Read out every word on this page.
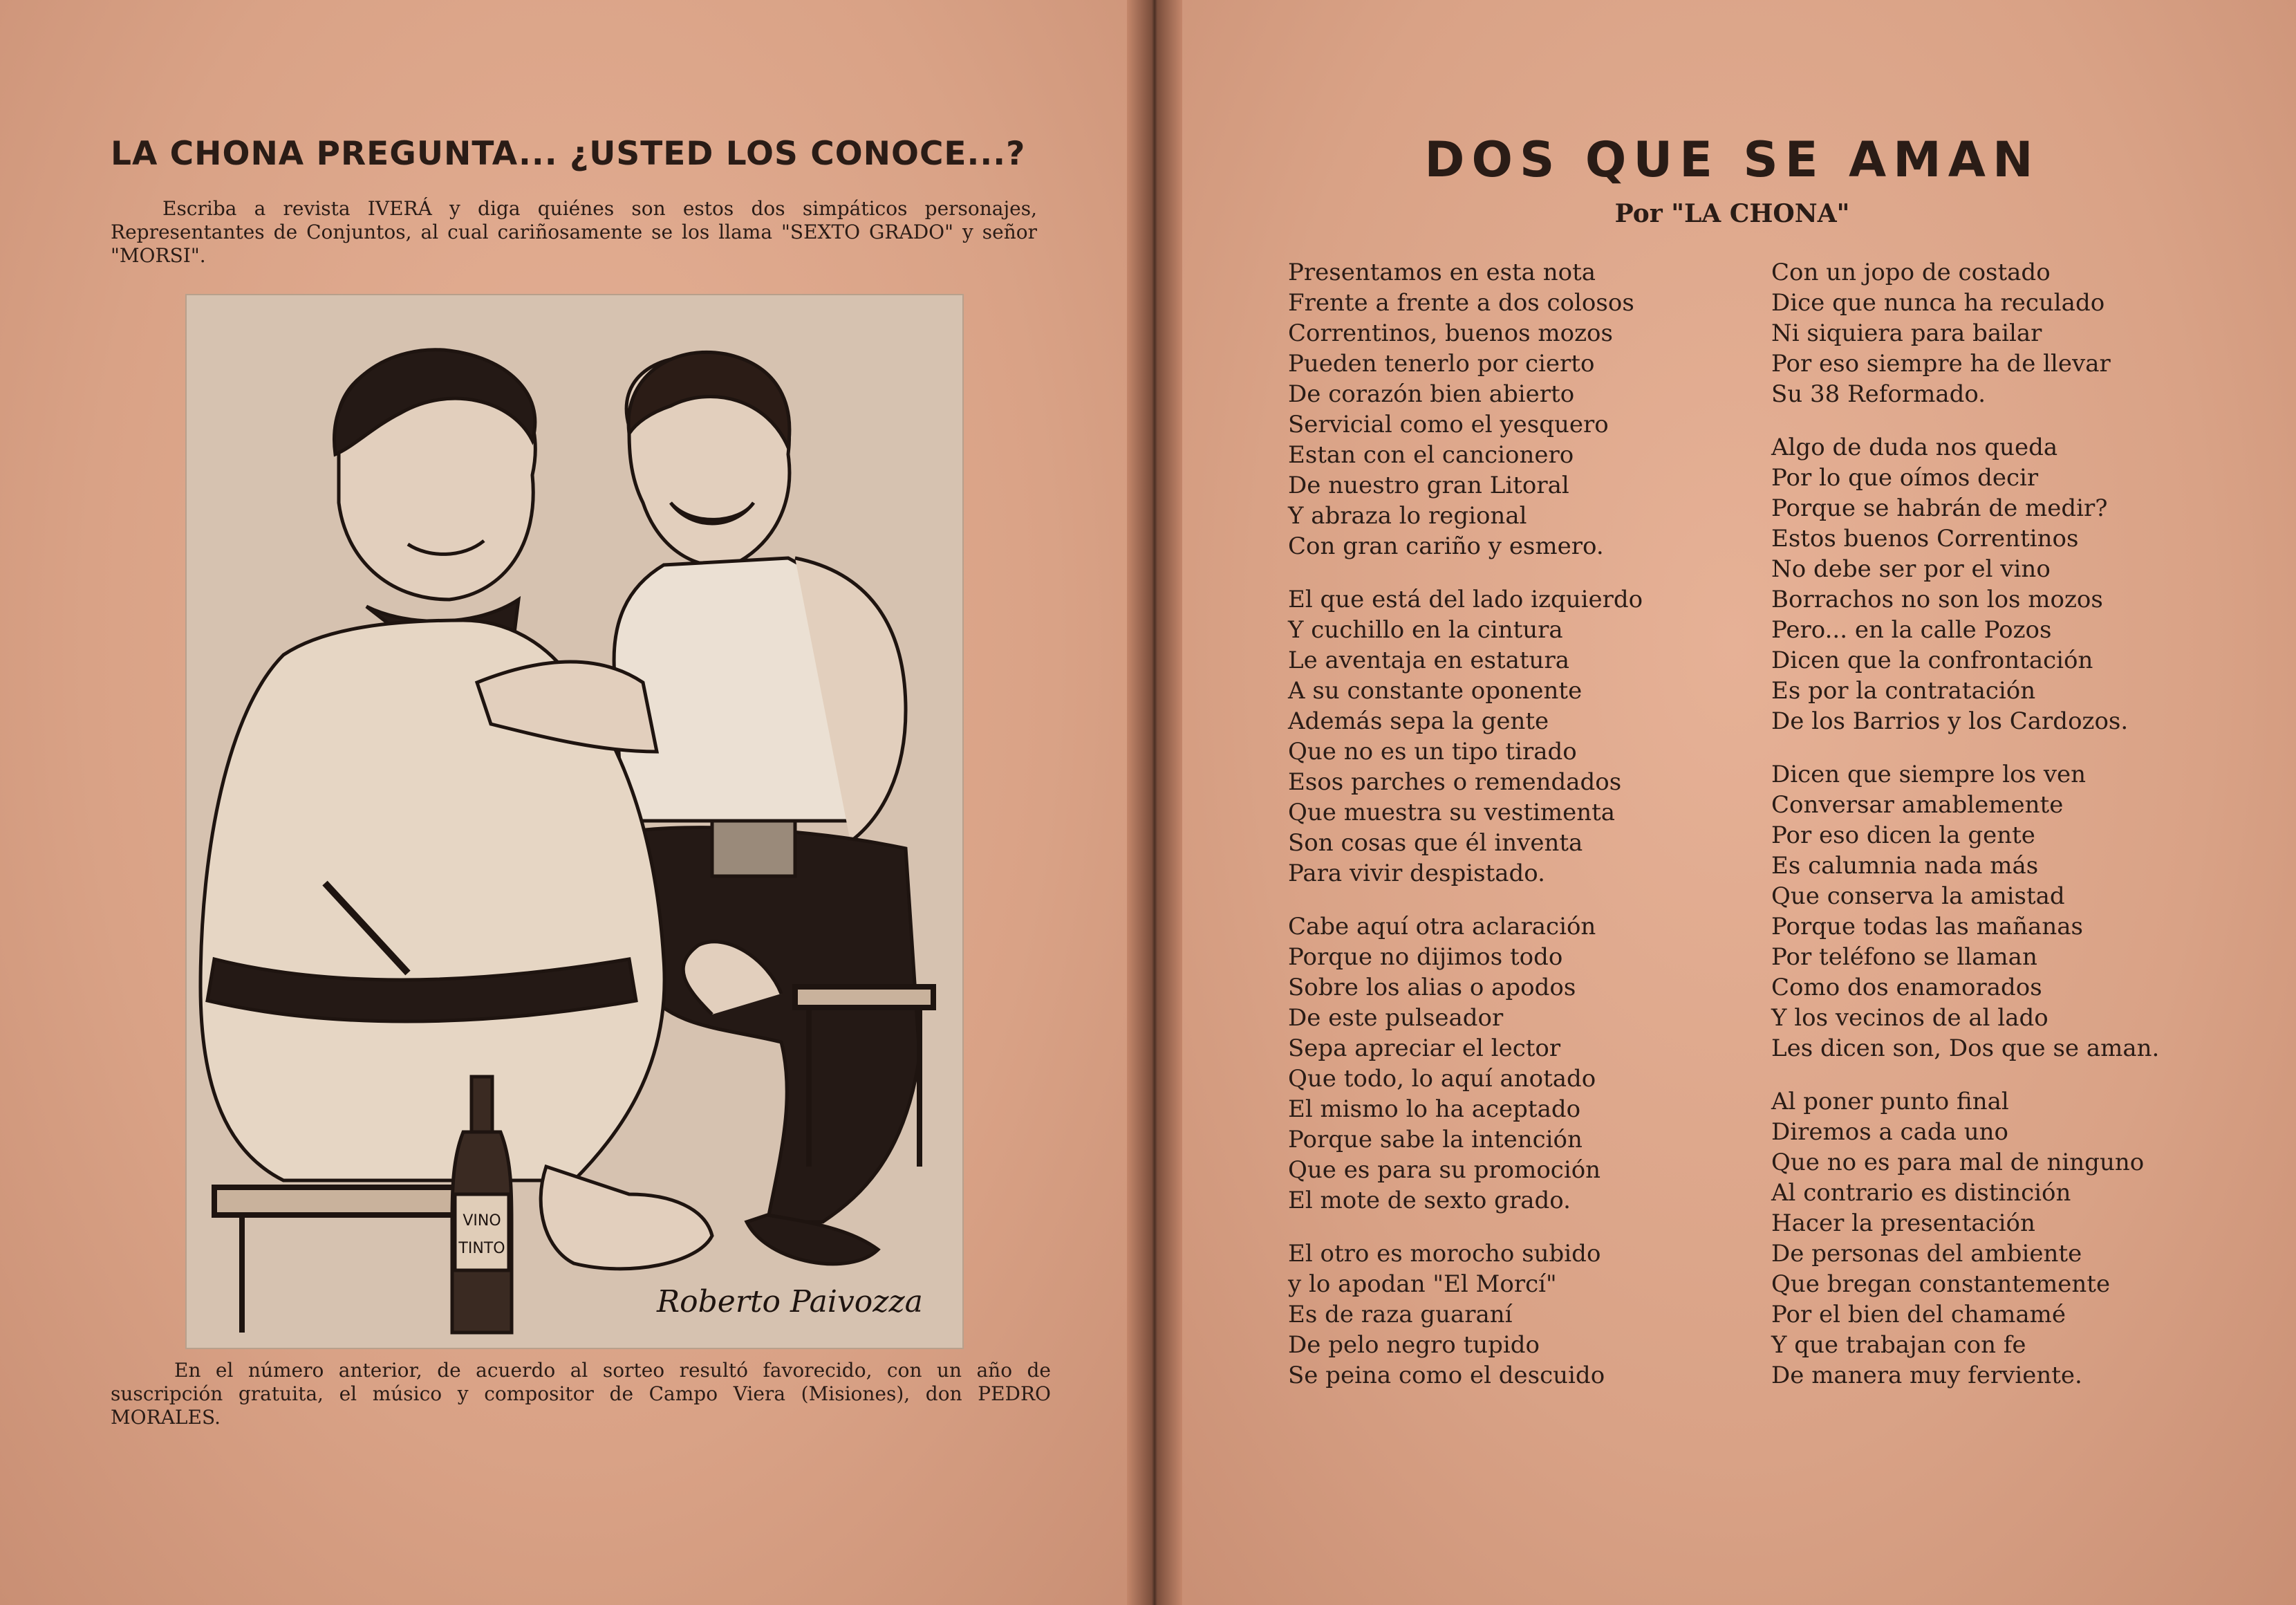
LA CHONA PREGUNTA... ¿USTED LOS CONOCE...?
Escriba a revista IVERÁ y diga quiénes son estos dos simpáticos personajes, Representantes de Conjuntos, al cual cariñosamente se los llama "SEXTO GRADO" y señor "MORSI".
VINO
TINTO
Roberto Paivozza
En el número anterior, de acuerdo al sorteo resultó favorecido, con un año de suscripción gratuita, el músico y compositor de Campo Viera (Misiones), don PEDRO MORALES.
DOS QUE SE AMAN
Por "LA CHONA"
Presentamos en esta nota
Frente a frente a dos colosos
Correntinos, buenos mozos
Pueden tenerlo por cierto
De corazón bien abierto
Servicial como el yesquero
Estan con el cancionero
De nuestro gran Litoral
Y abraza lo regional
Con gran cariño y esmero.
El que está del lado izquierdo
Y cuchillo en la cintura
Le aventaja en estatura
A su constante oponente
Además sepa la gente
Que no es un tipo tirado
Esos parches o remendados
Que muestra su vestimenta
Son cosas que él inventa
Para vivir despistado.
Cabe aquí otra aclaración
Porque no dijimos todo
Sobre los alias o apodos
De este pulseador
Sepa apreciar el lector
Que todo, lo aquí anotado
El mismo lo ha aceptado
Porque sabe la intención
Que es para su promoción
El mote de sexto grado.
El otro es morocho subido
y lo apodan "El Morcí"
Es de raza guaraní
De pelo negro tupido
Se peina como el descuido
Con un jopo de costado
Dice que nunca ha reculado
Ni siquiera para bailar
Por eso siempre ha de llevar
Su 38 Reformado.
Algo de duda nos queda
Por lo que oímos decir
Porque se habrán de medir?
Estos buenos Correntinos
No debe ser por el vino
Borrachos no son los mozos
Pero... en la calle Pozos
Dicen que la confrontación
Es por la contratación
De los Barrios y los Cardozos.
Dicen que siempre los ven
Conversar amablemente
Por eso dicen la gente
Es calumnia nada más
Que conserva la amistad
Porque todas las mañanas
Por teléfono se llaman
Como dos enamorados
Y los vecinos de al lado
Les dicen son, Dos que se aman.
Al poner punto final
Diremos a cada uno
Que no es para mal de ninguno
Al contrario es distinción
Hacer la presentación
De personas del ambiente
Que bregan constantemente
Por el bien del chamamé
Y que trabajan con fe
De manera muy ferviente.
